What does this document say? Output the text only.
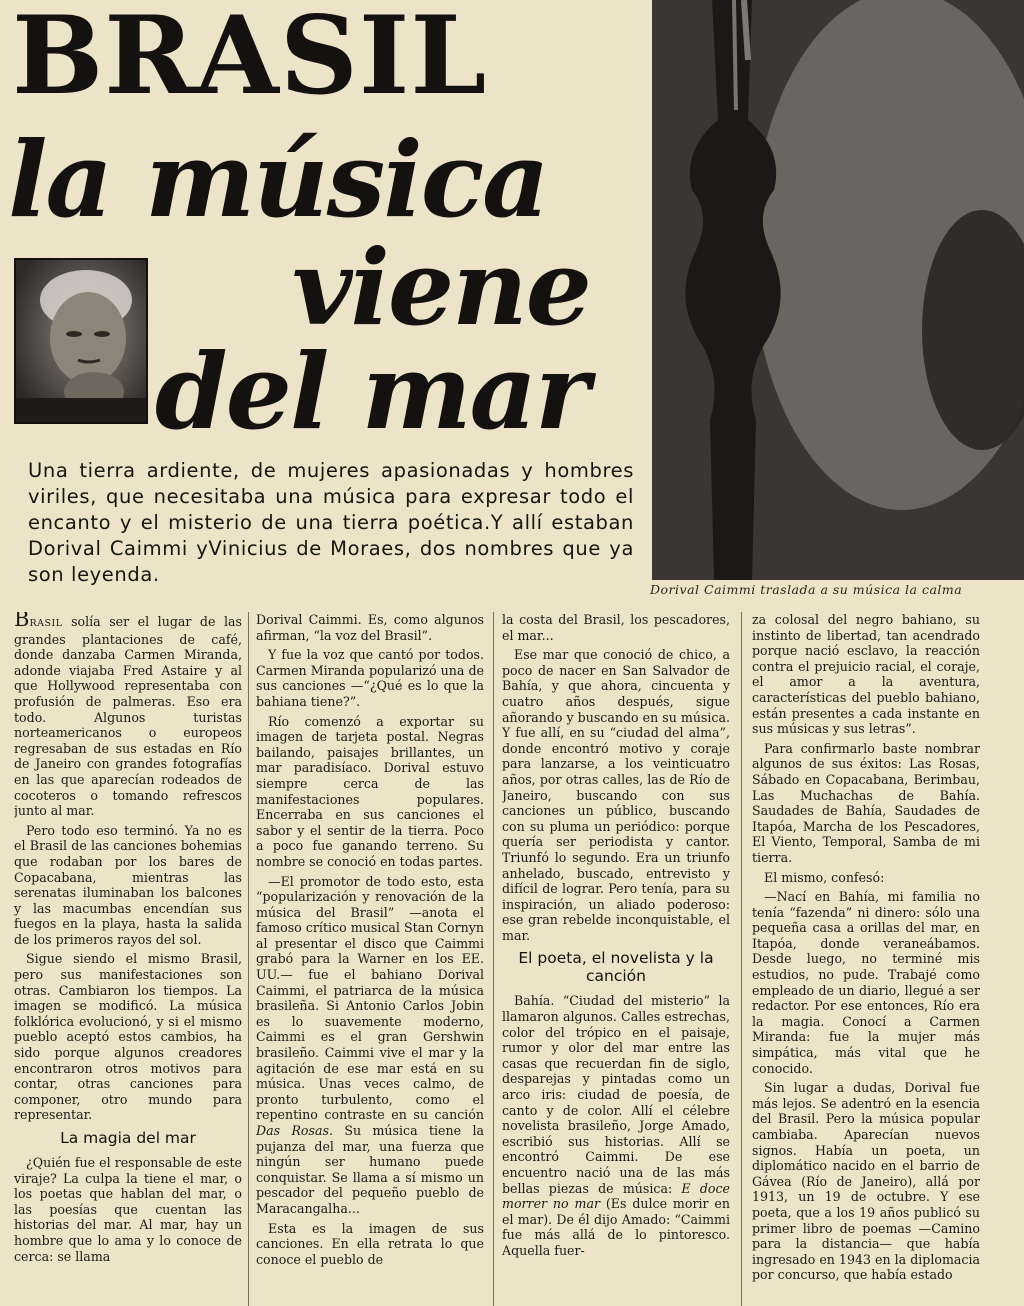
BRASIL
la música
viene
del mar
Dorival Caimmi traslada a su música la calma

Una tierra ardiente, de mujeres apasionadas y hombres viriles, que necesitaba una música para expresar todo el encanto y el misterio de una tierra poética.Y allí estaban Dorival Caimmi yVinicius de Moraes, dos nombres que ya son leyenda.

BRASIL solía ser el lugar de las grandes plantaciones de café, donde danzaba Carmen Miranda, adonde viajaba Fred Astaire y al que Hollywood representaba con profusión de palmeras. Eso era todo. Algunos turistas norteamericanos o europeos regresaban de sus estadas en Río de Janeiro con grandes fotografías en las que aparecían rodeados de cocoteros o tomando refrescos junto al mar.

Pero todo eso terminó. Ya no es el Brasil de las canciones bohemias que rodaban por los bares de Copacabana, mientras las serenatas iluminaban los balcones y las macumbas encendían sus fuegos en la playa, hasta la salida de los primeros rayos del sol.

Sigue siendo el mismo Brasil, pero sus manifestaciones son otras. Cambiaron los tiempos. La imagen se modificó. La música folklórica evolucionó, y si el mismo pueblo aceptó estos cambios, ha sido porque algunos creadores encontraron otros motivos para contar, otras canciones para componer, otro mundo para representar.

La magia del mar

¿Quién fue el responsable de este viraje? La culpa la tiene el mar, o los poetas que hablan del mar, o las poesías que cuentan las historias del mar. Al mar, hay un hombre que lo ama y lo conoce de cerca: se llama

Dorival Caimmi. Es, como algunos afirman, “la voz del Brasil”.

Y fue la voz que cantó por todos. Carmen Miranda popularizó una de sus canciones —“¿Qué es lo que la bahiana tiene?”.

Río comenzó a exportar su imagen de tarjeta postal. Negras bailando, paisajes brillantes, un mar paradisíaco. Dorival estuvo siempre cerca de las manifestaciones populares. Encerraba en sus canciones el sabor y el sentir de la tierra. Poco a poco fue ganando terreno. Su nombre se conoció en todas partes.

—El promotor de todo esto, esta “popularización y renovación de la música del Brasil” —anota el famoso crítico musical Stan Cornyn al presentar el disco que Caimmi grabó para la Warner en los EE. UU.— fue el bahiano Dorival Caimmi, el patriarca de la música brasileña. Si Antonio Carlos Jobin es lo suavemente moderno, Caimmi es el gran Gershwin brasileño. Caimmi vive el mar y la agitación de ese mar está en su música. Unas veces calmo, de pronto turbulento, como el repentino contraste en su canción Das Rosas. Su música tiene la pujanza del mar, una fuerza que ningún ser humano puede conquistar. Se llama a sí mismo un pescador del pequeño pueblo de Maracangalha...

Esta es la imagen de sus canciones. En ella retrata lo que conoce el pueblo de

la costa del Brasil, los pescadores, el mar...

Ese mar que conoció de chico, a poco de nacer en San Salvador de Bahía, y que ahora, cincuenta y cuatro años después, sigue añorando y buscando en su música. Y fue allí, en su “ciudad del alma”, donde encontró motivo y coraje para lanzarse, a los veinticuatro años, por otras calles, las de Río de Janeiro, buscando con sus canciones un público, buscando con su pluma un periódico: porque quería ser periodista y cantor. Triunfó lo segundo. Era un triunfo anhelado, buscado, entrevisto y difícil de lograr. Pero tenía, para su inspiración, un aliado poderoso: ese gran rebelde inconquistable, el mar.

El poeta, el novelista y la canción

Bahía. “Ciudad del misterio” la llamaron algunos. Calles estrechas, color del trópico en el paisaje, rumor y olor del mar entre las casas que recuerdan fin de siglo, desparejas y pintadas como un arco iris: ciudad de poesía, de canto y de color. Allí el célebre novelista brasileño, Jorge Amado, escribió sus historias. Allí se encontró Caimmi. De ese encuentro nació una de las más bellas piezas de música: E doce morrer no mar (Es dulce morir en el mar). De él dijo Amado: “Caimmi fue más allá de lo pintoresco. Aquella fuer-

za colosal del negro bahiano, su instinto de libertad, tan acendrado porque nació esclavo, la reacción contra el prejuicio racial, el coraje, el amor a la aventura, características del pueblo bahiano, están presentes a cada instante en sus músicas y sus letras”.

Para confirmarlo baste nombrar algunos de sus éxitos: Las Rosas, Sábado en Copacabana, Berimbau, Las Muchachas de Bahía. Saudades de Bahía, Saudades de Itapóa, Marcha de los Pescadores, El Viento, Temporal, Samba de mi tierra.

El mismo, confesó:

—Nací en Bahía, mi familia no tenía “fazenda” ni dinero: sólo una pequeña casa a orillas del mar, en Itapóa, donde veraneábamos. Desde luego, no terminé mis estudios, no pude. Trabajé como empleado de un diario, llegué a ser redactor. Por ese entonces, Río era la magia. Conocí a Carmen Miranda: fue la mujer más simpática, más vital que he conocido.

Sin lugar a dudas, Dorival fue más lejos. Se adentró en la esencia del Brasil. Pero la música popular cambiaba. Aparecían nuevos signos. Había un poeta, un diplomático nacido en el barrio de Gávea (Río de Janeiro), allá por 1913, un 19 de octubre. Y ese poeta, que a los 19 años publicó su primer libro de poemas —Camino para la distancia— que había ingresado en 1943 en la diplomacia por concurso, que había estado
